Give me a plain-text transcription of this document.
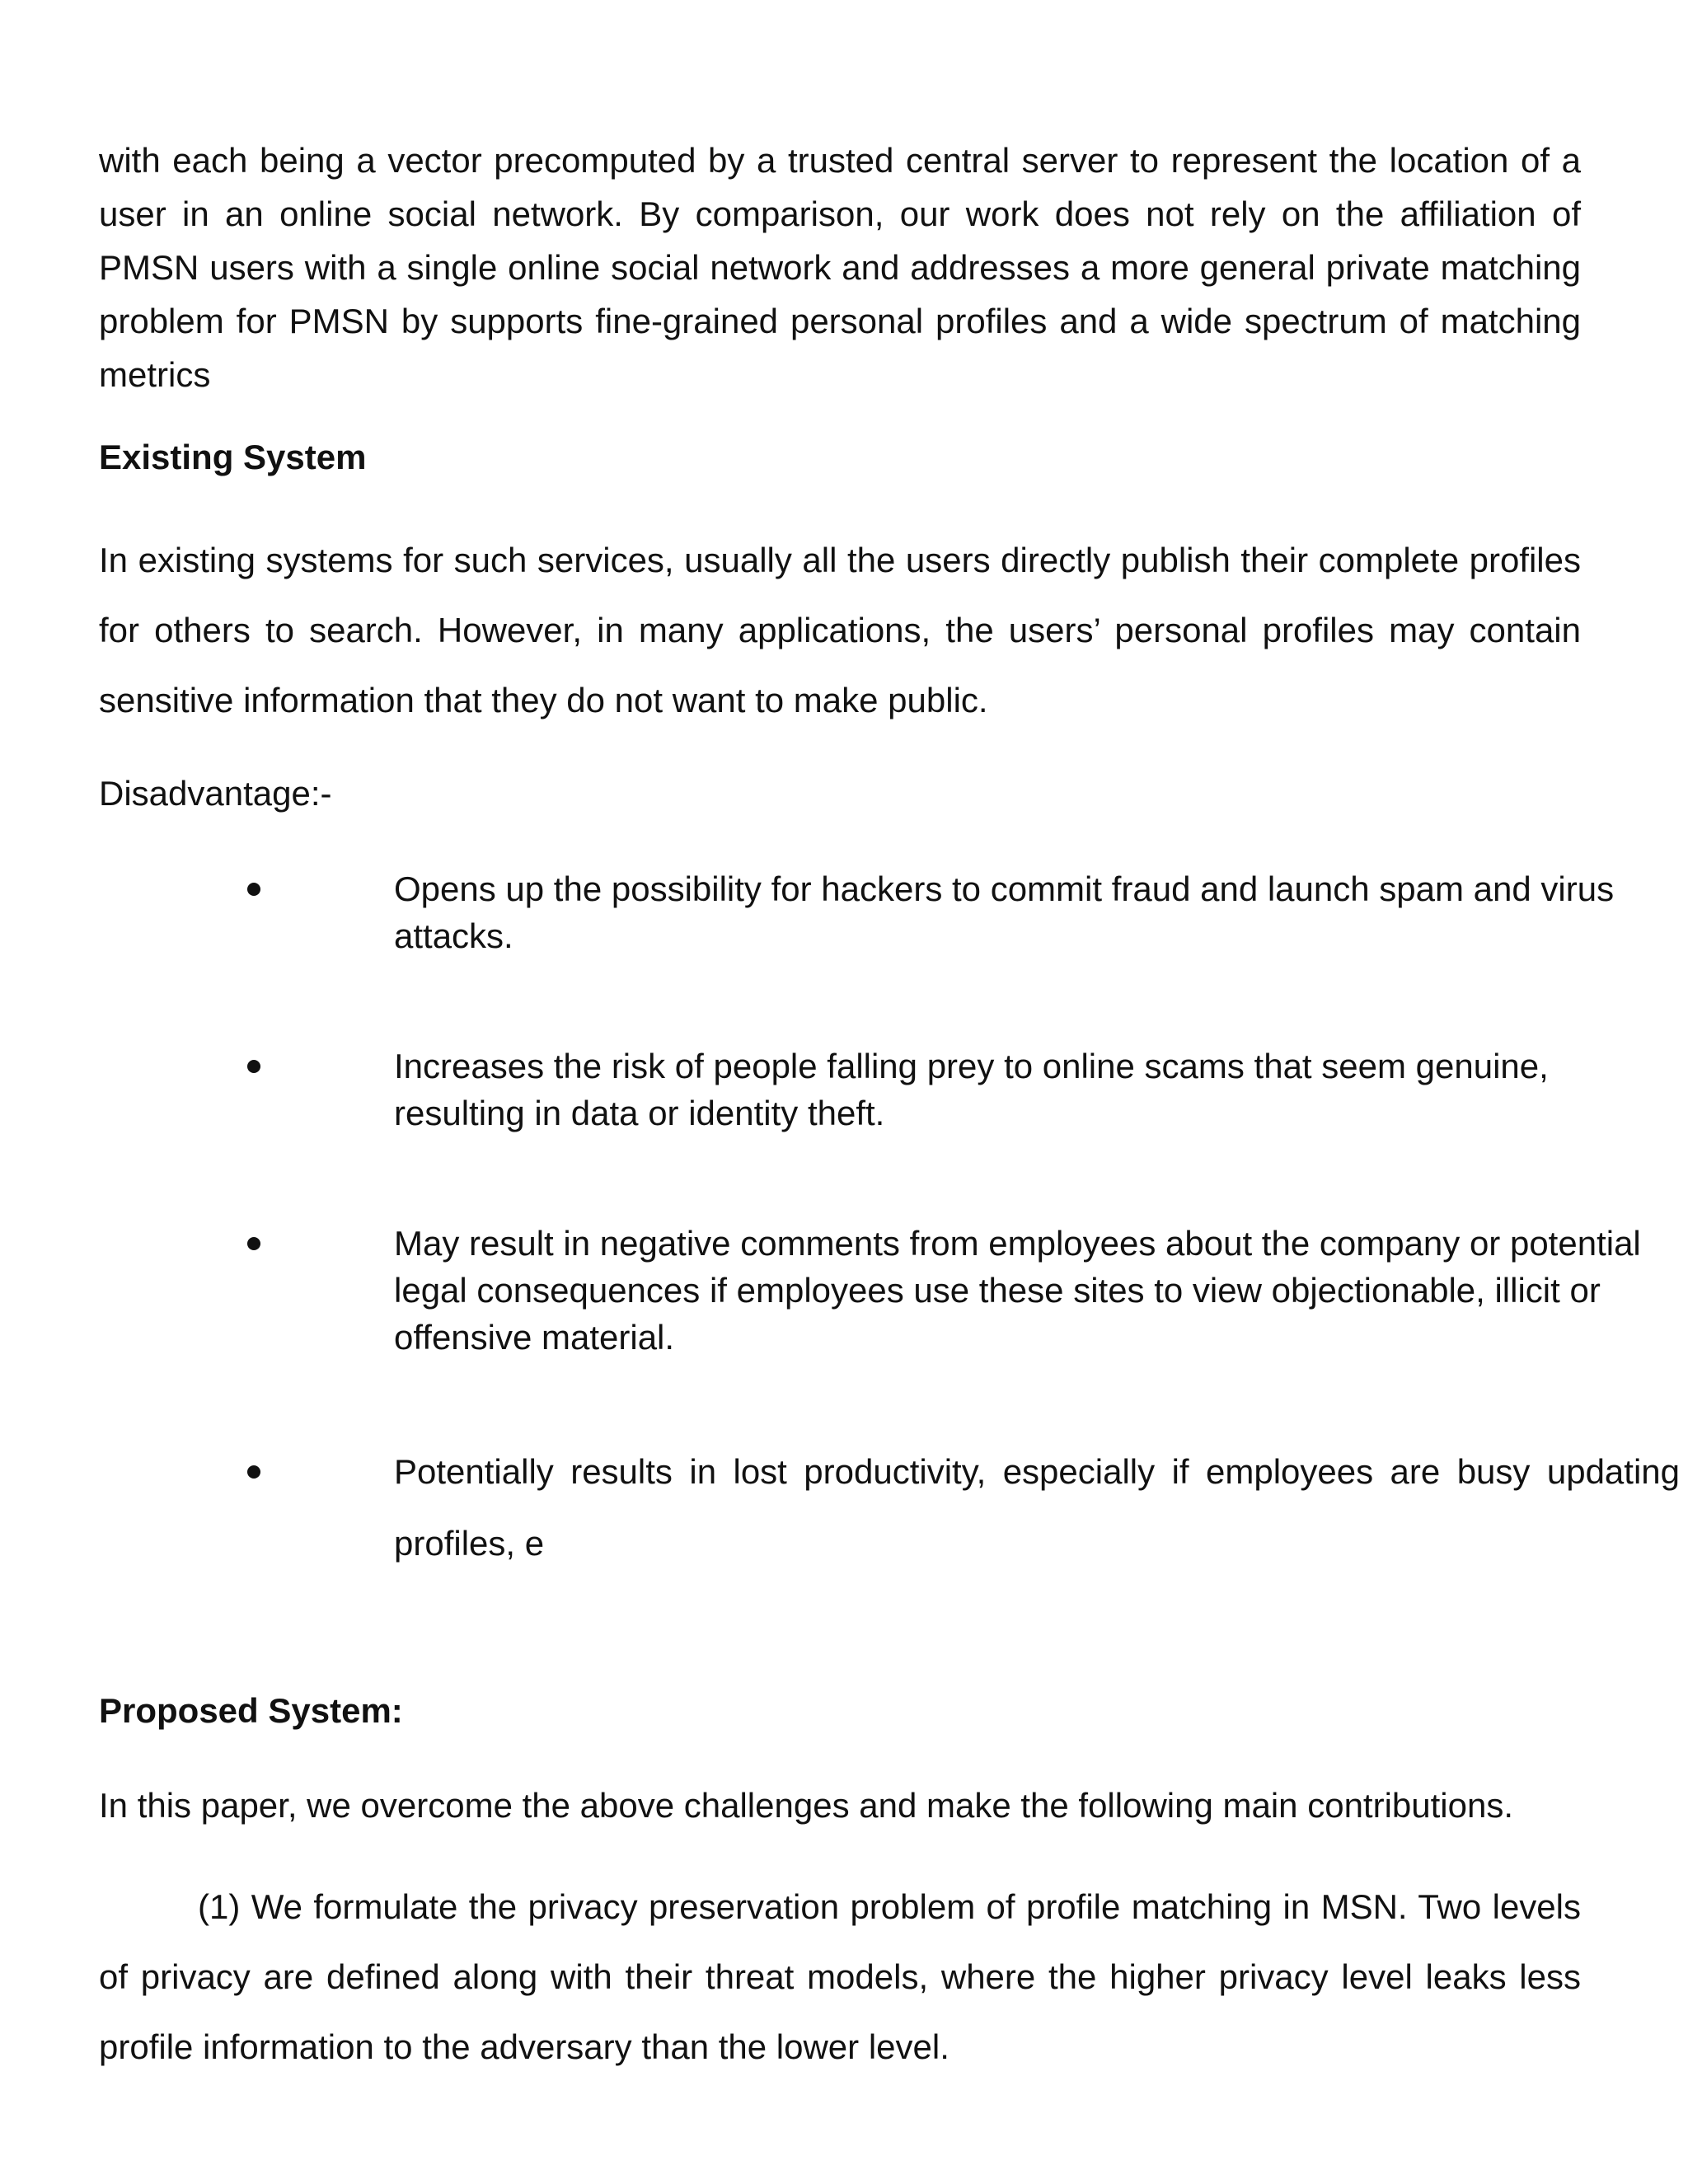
with each being a vector precomputed by a trusted central server to represent the location of a user in an online social network. By comparison, our work does not rely on the affiliation of PMSN users with a single online social network and addresses a more general private matching problem for PMSN by supports fine-grained personal profiles and a wide spectrum of matching metrics

Existing System

In existing systems for such services, usually all the users directly publish their complete profiles for others to search. However, in many applications, the users’ personal profiles may contain sensitive information that they do not want to make public.

Disadvantage:-

Opens up the possibility for hackers to commit fraud and launch spam and virus attacks.

Increases the risk of people falling prey to online scams that seem genuine, resulting in data or identity theft.

May result in negative comments from employees about the company or potential legal consequences if employees use these sites to view objectionable, illicit or offensive material.

Potentially results in lost productivity, especially if employees are busy updating profiles, e

Proposed System:

In this paper, we overcome the above challenges and make the following main contributions.

(1) We formulate the privacy preservation problem of profile matching in MSN. Two levels of privacy are defined along with their threat models, where the higher privacy level leaks less profile information to the adversary than the lower level.
